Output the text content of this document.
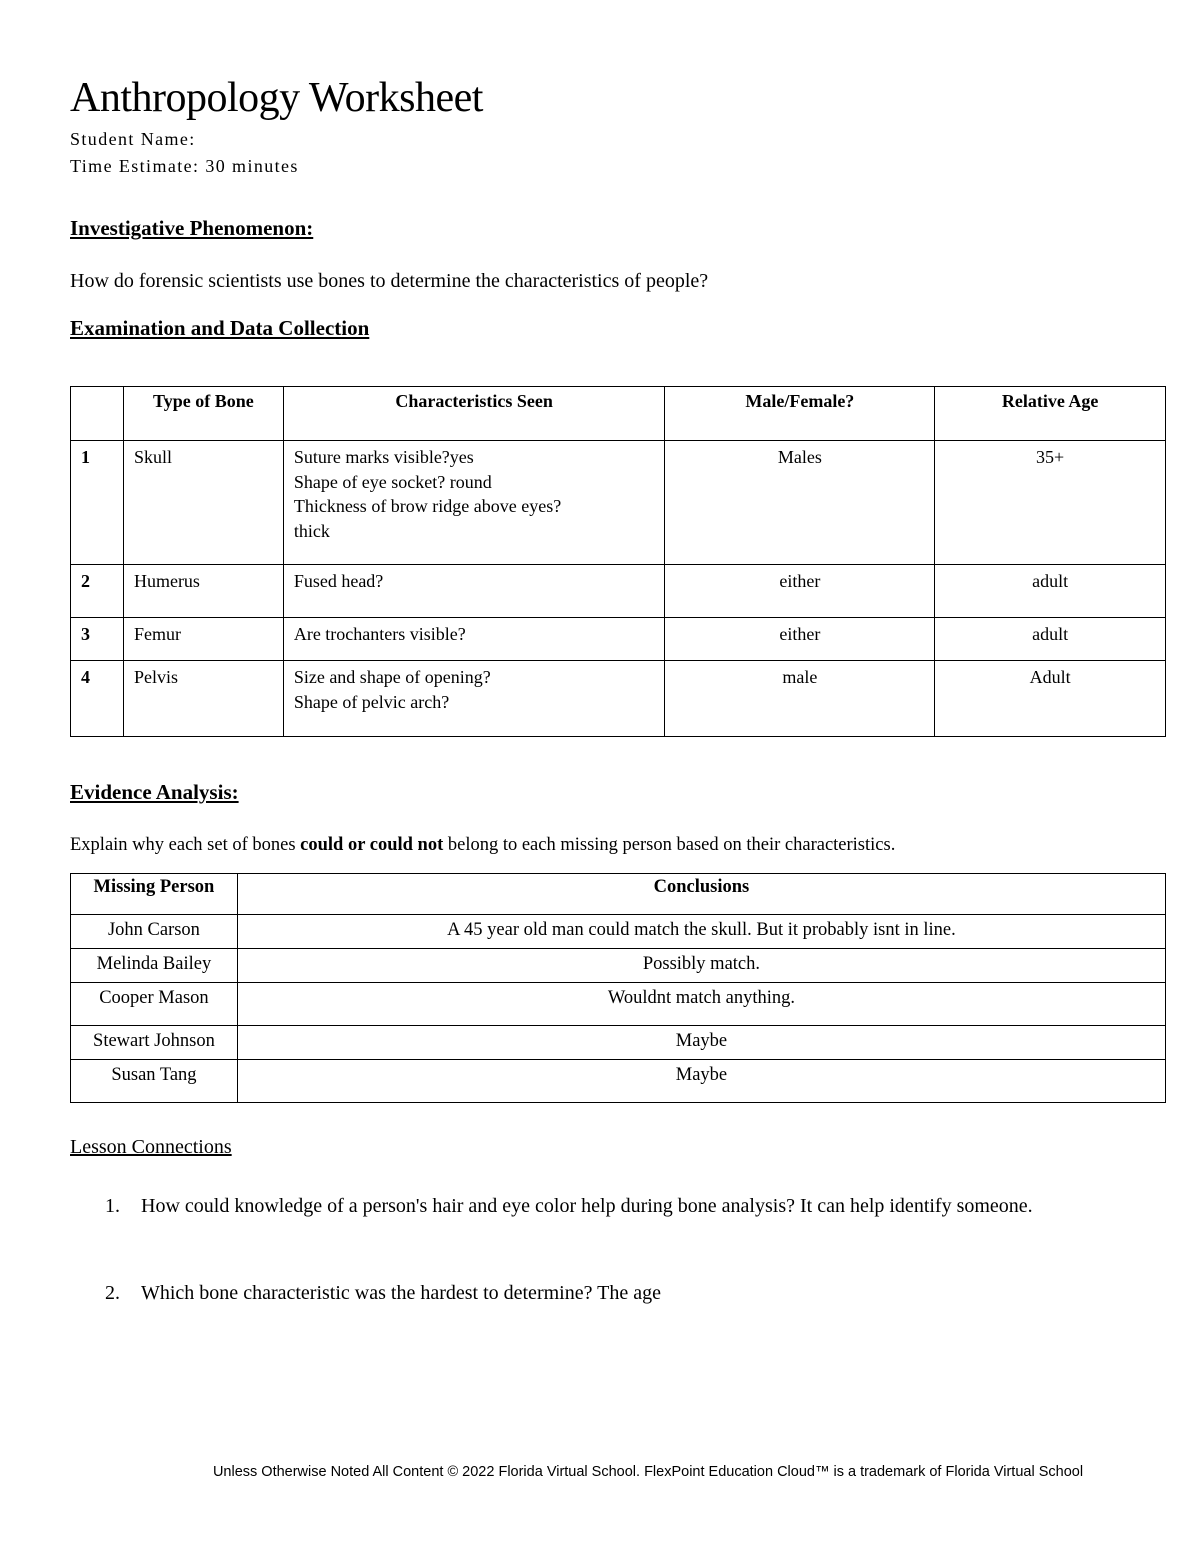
Anthropology Worksheet
Student Name:
Time Estimate: 30 minutes
Investigative Phenomenon:
How do forensic scientists use bones to determine the characteristics of people?
Examination and Data Collection
	Type of Bone	Characteristics Seen	Male/Female?	Relative Age
1	Skull	Suture marks visible?yes
Shape of eye socket? round
Thickness of brow ridge above eyes?
thick	Males	35+
2	Humerus	Fused head?	either	adult
3	Femur	Are trochanters visible?	either	adult
4	Pelvis	Size and shape of opening?
Shape of pelvic arch?	male	Adult
Evidence Analysis:
Explain why each set of bones could or could not belong to each missing person based on their characteristics.
Missing Person	Conclusions
John Carson	A 45 year old man could match the skull. But it probably isnt in line.
Melinda Bailey	Possibly match.
Cooper Mason	Wouldnt match anything.
Stewart Johnson	Maybe
Susan Tang	Maybe
Lesson Connections
1. How could knowledge of a person's hair and eye color help during bone analysis? It can help identify someone.
2. Which bone characteristic was the hardest to determine? The age
Unless Otherwise Noted All Content © 2022 Florida Virtual School. FlexPoint Education Cloud™ is a trademark of Florida Virtual School
